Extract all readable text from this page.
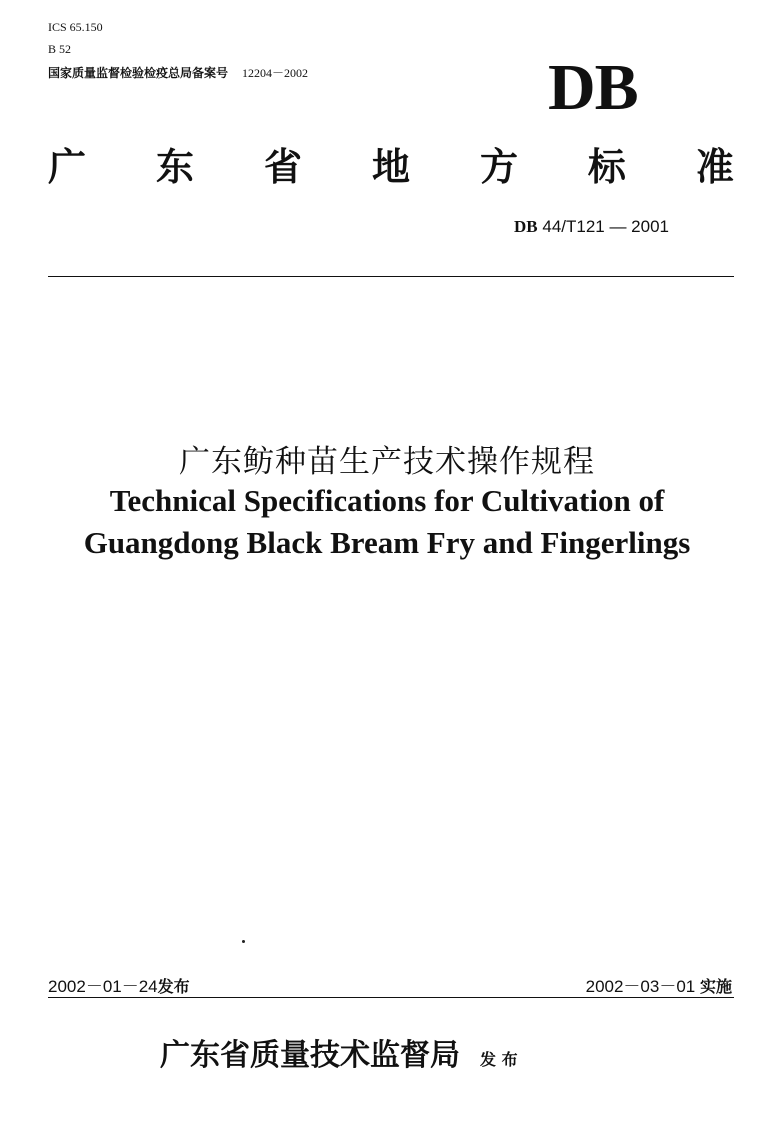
ICS 65.150
B 52
国家质量监督检验检疫总局备案号 12204－2002	DB
广 东 省 地 方 标 准
DB 44/T121 — 2001
广东鲂种苗生产技术操作规程
Technical Specifications for Cultivation of
Guangdong Black Bream Fry and Fingerlings
2002－01－24发布	2002－03－01 实施
广东省质量技术监督局 发 布
